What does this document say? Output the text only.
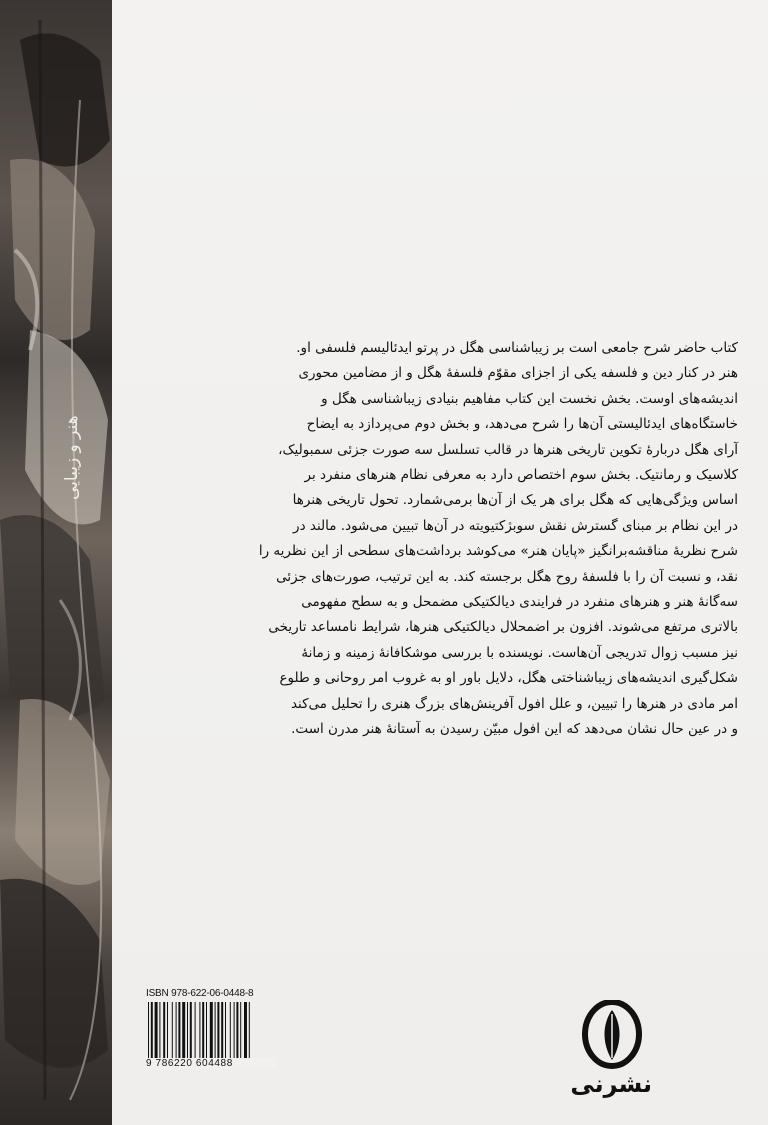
هنر و زیبایی

کتاب حاضر شرح جامعی است بر زیباشناسی هگل در پرتو ایدئالیسم فلسفی او.

هنر در کنار دین و فلسفه یکی از اجزای مقوّم فلسفهٔ هگل و از مضامین محوری

اندیشه‌های اوست. بخش نخست این کتاب مفاهیم بنیادی زیباشناسی هگل و

خاستگاه‌های ایدئالیستی آن‌ها را شرح می‌دهد، و بخش دوم می‌پردازد به ایضاح

آرای هگل دربارهٔ تکوین تاریخی هنرها در قالب تسلسل سه صورت جزئی سمبولیک،

کلاسیک و رمانتیک. بخش سوم اختصاص دارد به معرفی نظام هنرهای منفرد بر

اساس ویژگی‌هایی که هگل برای هر یک از آن‌ها برمی‌شمارد. تحول تاریخی هنرها

در این نظام بر مبنای گسترش نقش سوبژکتیویته در آن‌ها تبیین می‌شود. مالند در

شرح نظریهٔ مناقشه‌برانگیز «پایان هنر» می‌کوشد برداشت‌های سطحی از این نظریه را

نقد، و نسبت آن را با فلسفهٔ روح هگل برجسته کند. به این ترتیب، صورت‌های جزئی

سه‌گانهٔ هنر و هنرهای منفرد در فرایندی دیالکتیکی مضمحل و به سطح مفهومی

بالاتری مرتفع می‌شوند. افزون بر اضمحلال دیالکتیکی هنرها، شرایط نامساعد تاریخی

نیز مسبب زوال تدریجی آن‌هاست. نویسنده با بررسی موشکافانهٔ زمینه و زمانهٔ

شکل‌گیری اندیشه‌های زیباشناختی هگل، دلایل باور او به غروب امر روحانی و طلوع

امر مادی در هنرها را تبیین، و علل افول آفرینش‌های بزرگ هنری را تحلیل می‌کند

و در عین حال نشان می‌دهد که این افول مبیّن رسیدن به آستانهٔ هنر مدرن است.

ISBN 978-622-06-0448-8
9 786220 604488
نشرنی
